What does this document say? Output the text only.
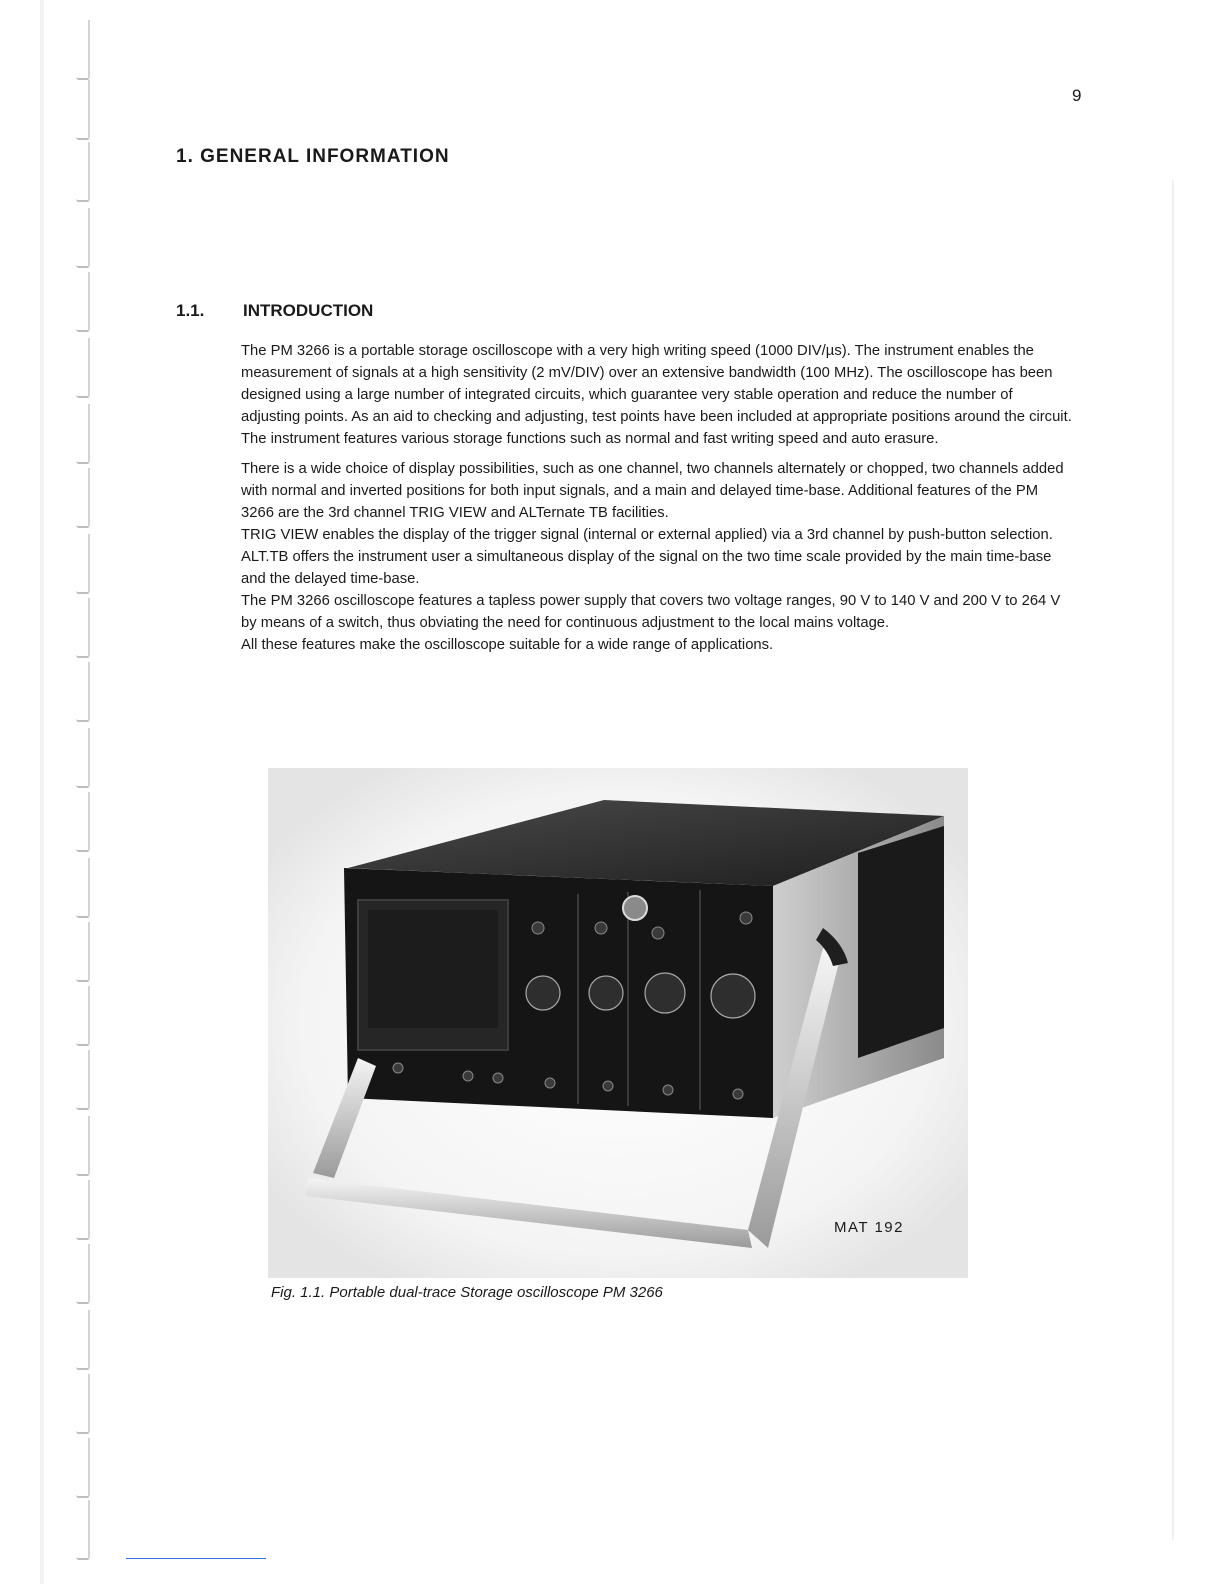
9
1. GENERAL INFORMATION
1.1. INTRODUCTION

The PM 3266 is a portable storage oscilloscope with a very high writing speed (1000 DIV/µs). The instrument enables the measurement of signals at a high sensitivity (2 mV/DIV) over an extensive bandwidth (100 MHz). The oscilloscope has been designed using a large number of integrated circuits, which guarantee very stable operation and reduce the number of adjusting points. As an aid to checking and adjusting, test points have been included at appropriate positions around the circuit. The instrument features various storage functions such as normal and fast writing speed and auto erasure.

There is a wide choice of display possibilities, such as one channel, two channels alternately or chopped, two channels added with normal and inverted positions for both input signals, and a main and delayed time-base. Additional features of the PM 3266 are the 3rd channel TRIG VIEW and ALTernate TB facilities.

TRIG VIEW enables the display of the trigger signal (internal or external applied) via a 3rd channel by push-button selection.

ALT.TB offers the instrument user a simultaneous display of the signal on the two time scale provided by the main time-base and the delayed time-base.

The PM 3266 oscilloscope features a tapless power supply that covers two voltage ranges, 90 V to 140 V and 200 V to 264 V by means of a switch, thus obviating the need for continuous adjustment to the local mains voltage.

All these features make the oscilloscope suitable for a wide range of applications.

MAT 192
Fig. 1.1. Portable dual-trace Storage oscilloscope PM 3266
